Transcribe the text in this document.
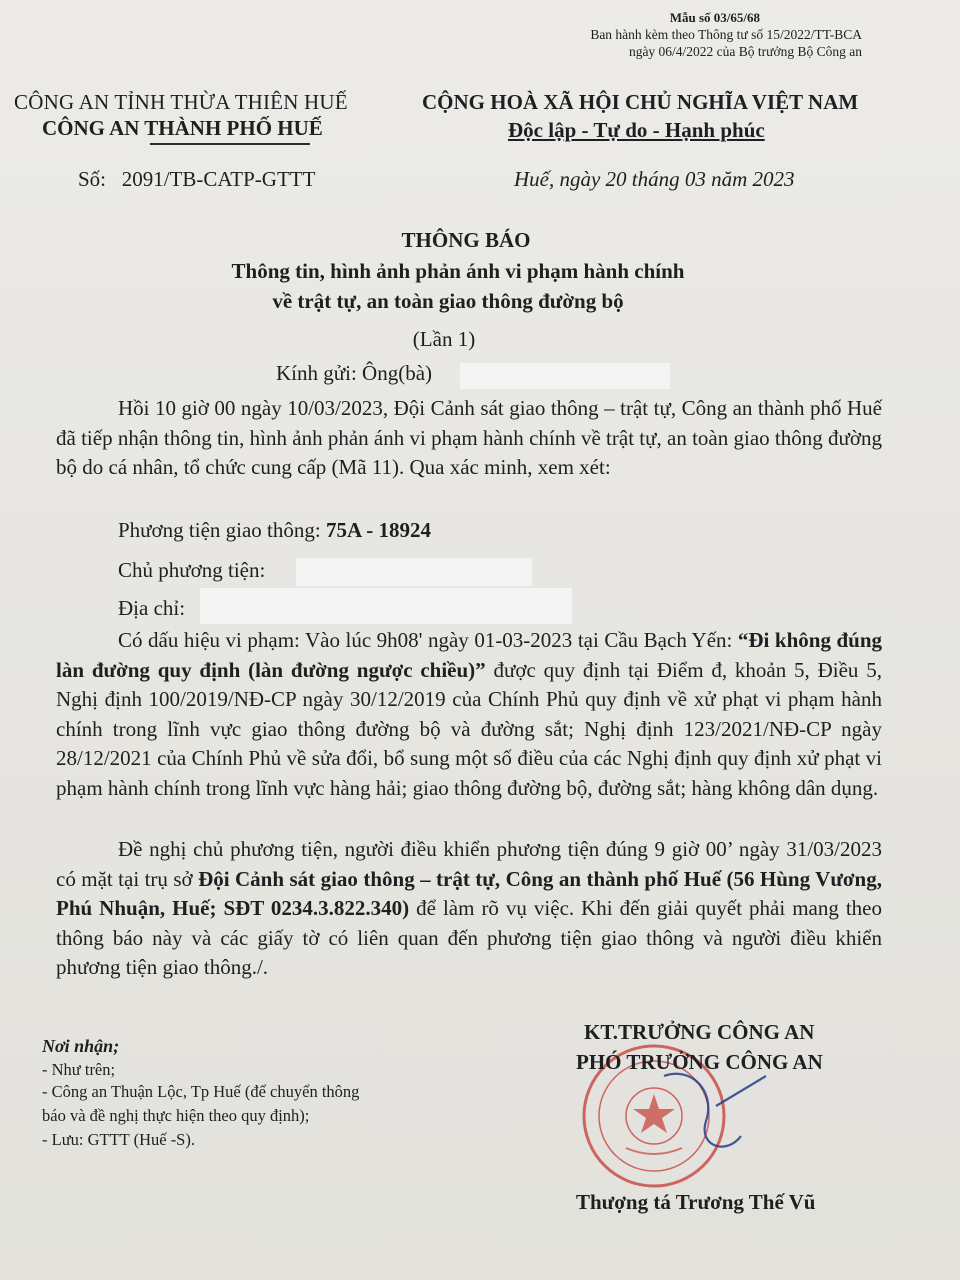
Mẫu số 03/65/68
Ban hành kèm theo Thông tư số 15/2022/TT-BCA
ngày 06/4/2022 của Bộ trưởng Bộ Công an
CÔNG AN TỈNH THỪA THIÊN HUẾ
CÔNG AN THÀNH PHỐ HUẾ
CỘNG HOÀ XÃ HỘI CHỦ NGHĨA VIỆT NAM
Độc lập - Tự do - Hạnh phúc
Số: 2091/TB-CATP-GTTT	Huế, ngày 20 tháng 03 năm 2023
THÔNG BÁO
Thông tin, hình ảnh phản ánh vi phạm hành chính
về trật tự, an toàn giao thông đường bộ
(Lần 1)
Kính gửi: Ông(bà)
Hồi 10 giờ 00 ngày 10/03/2023, Đội Cảnh sát giao thông – trật tự, Công an thành phố Huế đã tiếp nhận thông tin, hình ảnh phản ánh vi phạm hành chính về trật tự, an toàn giao thông đường bộ do cá nhân, tổ chức cung cấp (Mã 11). Qua xác minh, xem xét:
Phương tiện giao thông: 75A - 18924
Chủ phương tiện:
Địa chỉ:
Có dấu hiệu vi phạm: Vào lúc 9h08' ngày 01-03-2023 tại Cầu Bạch Yến: “Đi không đúng làn đường quy định (làn đường ngược chiều)” được quy định tại Điểm đ, khoản 5, Điều 5, Nghị định 100/2019/NĐ-CP ngày 30/12/2019 của Chính Phủ quy định về xử phạt vi phạm hành chính trong lĩnh vực giao thông đường bộ và đường sắt; Nghị định 123/2021/NĐ-CP ngày 28/12/2021 của Chính Phủ về sửa đổi, bổ sung một số điều của các Nghị định quy định xử phạt vi phạm hành chính trong lĩnh vực hàng hải; giao thông đường bộ, đường sắt; hàng không dân dụng.
Đề nghị chủ phương tiện, người điều khiển phương tiện đúng 9 giờ 00’ ngày 31/03/2023 có mặt tại trụ sở Đội Cảnh sát giao thông – trật tự, Công an thành phố Huế (56 Hùng Vương, Phú Nhuận, Huế; SĐT 0234.3.822.340) để làm rõ vụ việc. Khi đến giải quyết phải mang theo thông báo này và các giấy tờ có liên quan đến phương tiện giao thông và người điều khiển phương tiện giao thông./.
Nơi nhận;
- Như trên;
- Công an Thuận Lộc, Tp Huế (để chuyển thông
báo và đề nghị thực hiện theo quy định);
- Lưu: GTTT (Huế -S).
KT.TRƯỞNG CÔNG AN
PHÓ TRƯỞNG CÔNG AN
Thượng tá Trương Thế Vũ
